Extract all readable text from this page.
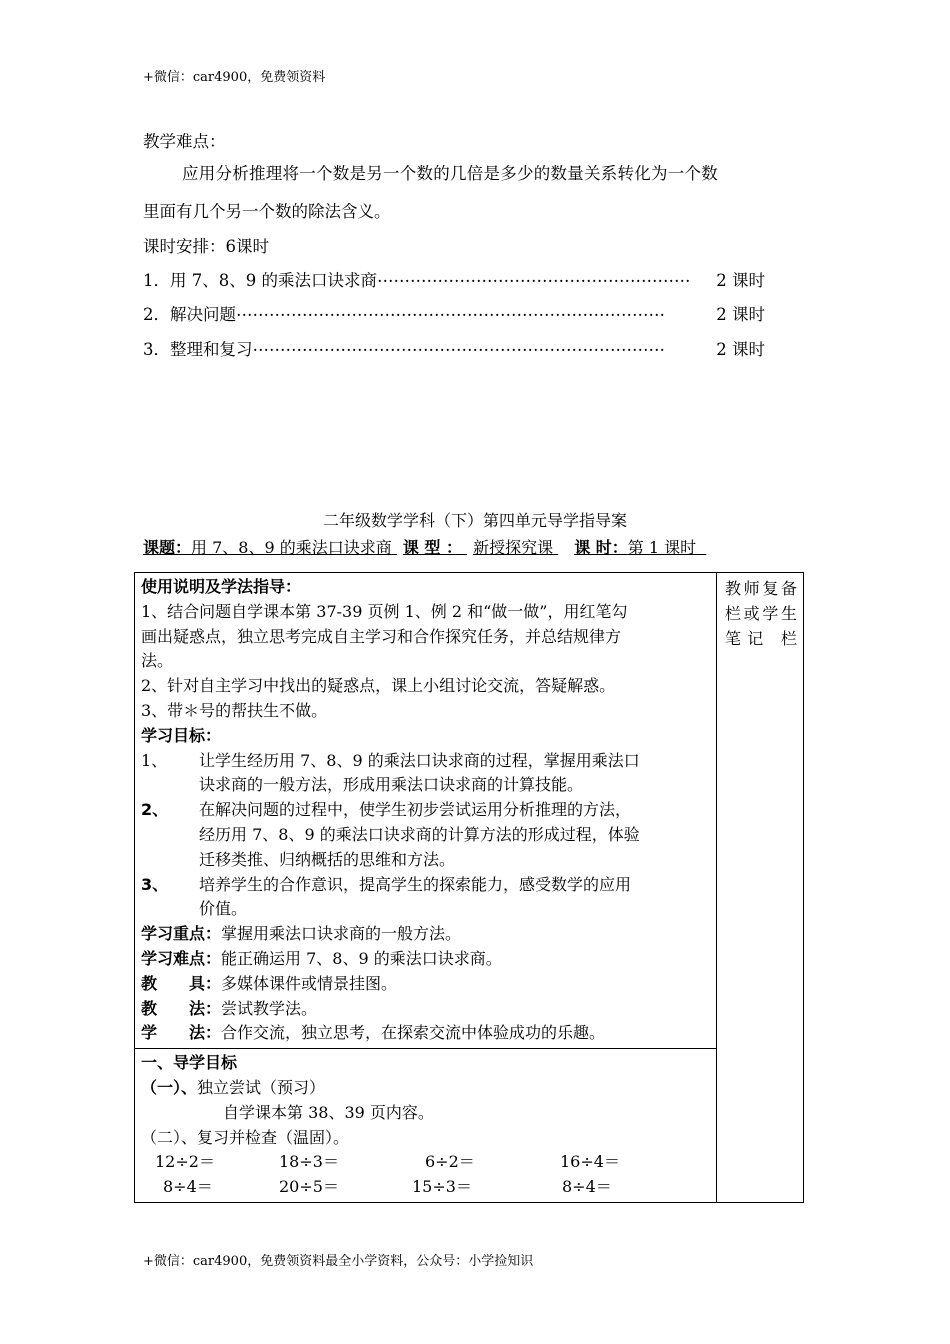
+微信：car4900，免费领资料
教学难点：
应用分析推理将一个数是另一个数的几倍是多少的数量关系转化为一个数
里面有几个另一个数的除法含义。
课时安排：6课时
1．用 7、8、9 的乘法口诀求商 …………………………………………………	2 课时
2．解决问题 ……………………………………………………………………	2 课时
3．整理和复习 …………………………………………………………………	2 课时
二年级数学学科（下）第四单元导学指导案
课题：用 7、8、9 的乘法口诀求商 课 型 ： 新授探究课 课 时：第 1 课时
使用说明及学法指导：
1、结合问题自学课本第 37-39 页例 1、例 2 和“做一做”，用红笔勾
画出疑惑点，独立思考完成自主学习和合作探究任务，并总结规律方
法。
2、针对自主学习中找出的疑惑点，课上小组讨论交流，答疑解惑。
3、带＊号的帮扶生不做。
学习目标：
1、	让学生经历用 7、8、9 的乘法口诀求商的过程，掌握用乘法口
诀求商的一般方法，形成用乘法口诀求商的计算技能。
2、	在解决问题的过程中，使学生初步尝试运用分析推理的方法，
经历用 7、8、9 的乘法口诀求商的计算方法的形成过程，体验
迁移类推、归纳概括的思维和方法。
3、	培养学生的合作意识，提高学生的探索能力，感受数学的应用
价值。
学习重点：掌握用乘法口诀求商的一般方法。
学习难点：能正确运用 7、8、9 的乘法口诀求商。
教　　具：多媒体课件或情景挂图。
教　　法：尝试教学法。
学　　法：合作交流，独立思考，在探索交流中体验成功的乐趣。

教师复备栏或学生笔记 栏

一、导学目标
（一）、独立尝试（预习）
自学课本第 38、39 页内容。
（二）、复习并检查（温固）。
12÷2＝	18÷3＝	6÷2＝	16÷4＝
8÷4＝	20÷5＝	15÷3＝	8÷4＝
+微信：car4900，免费领资料最全小学资料，公众号：小学捡知识
